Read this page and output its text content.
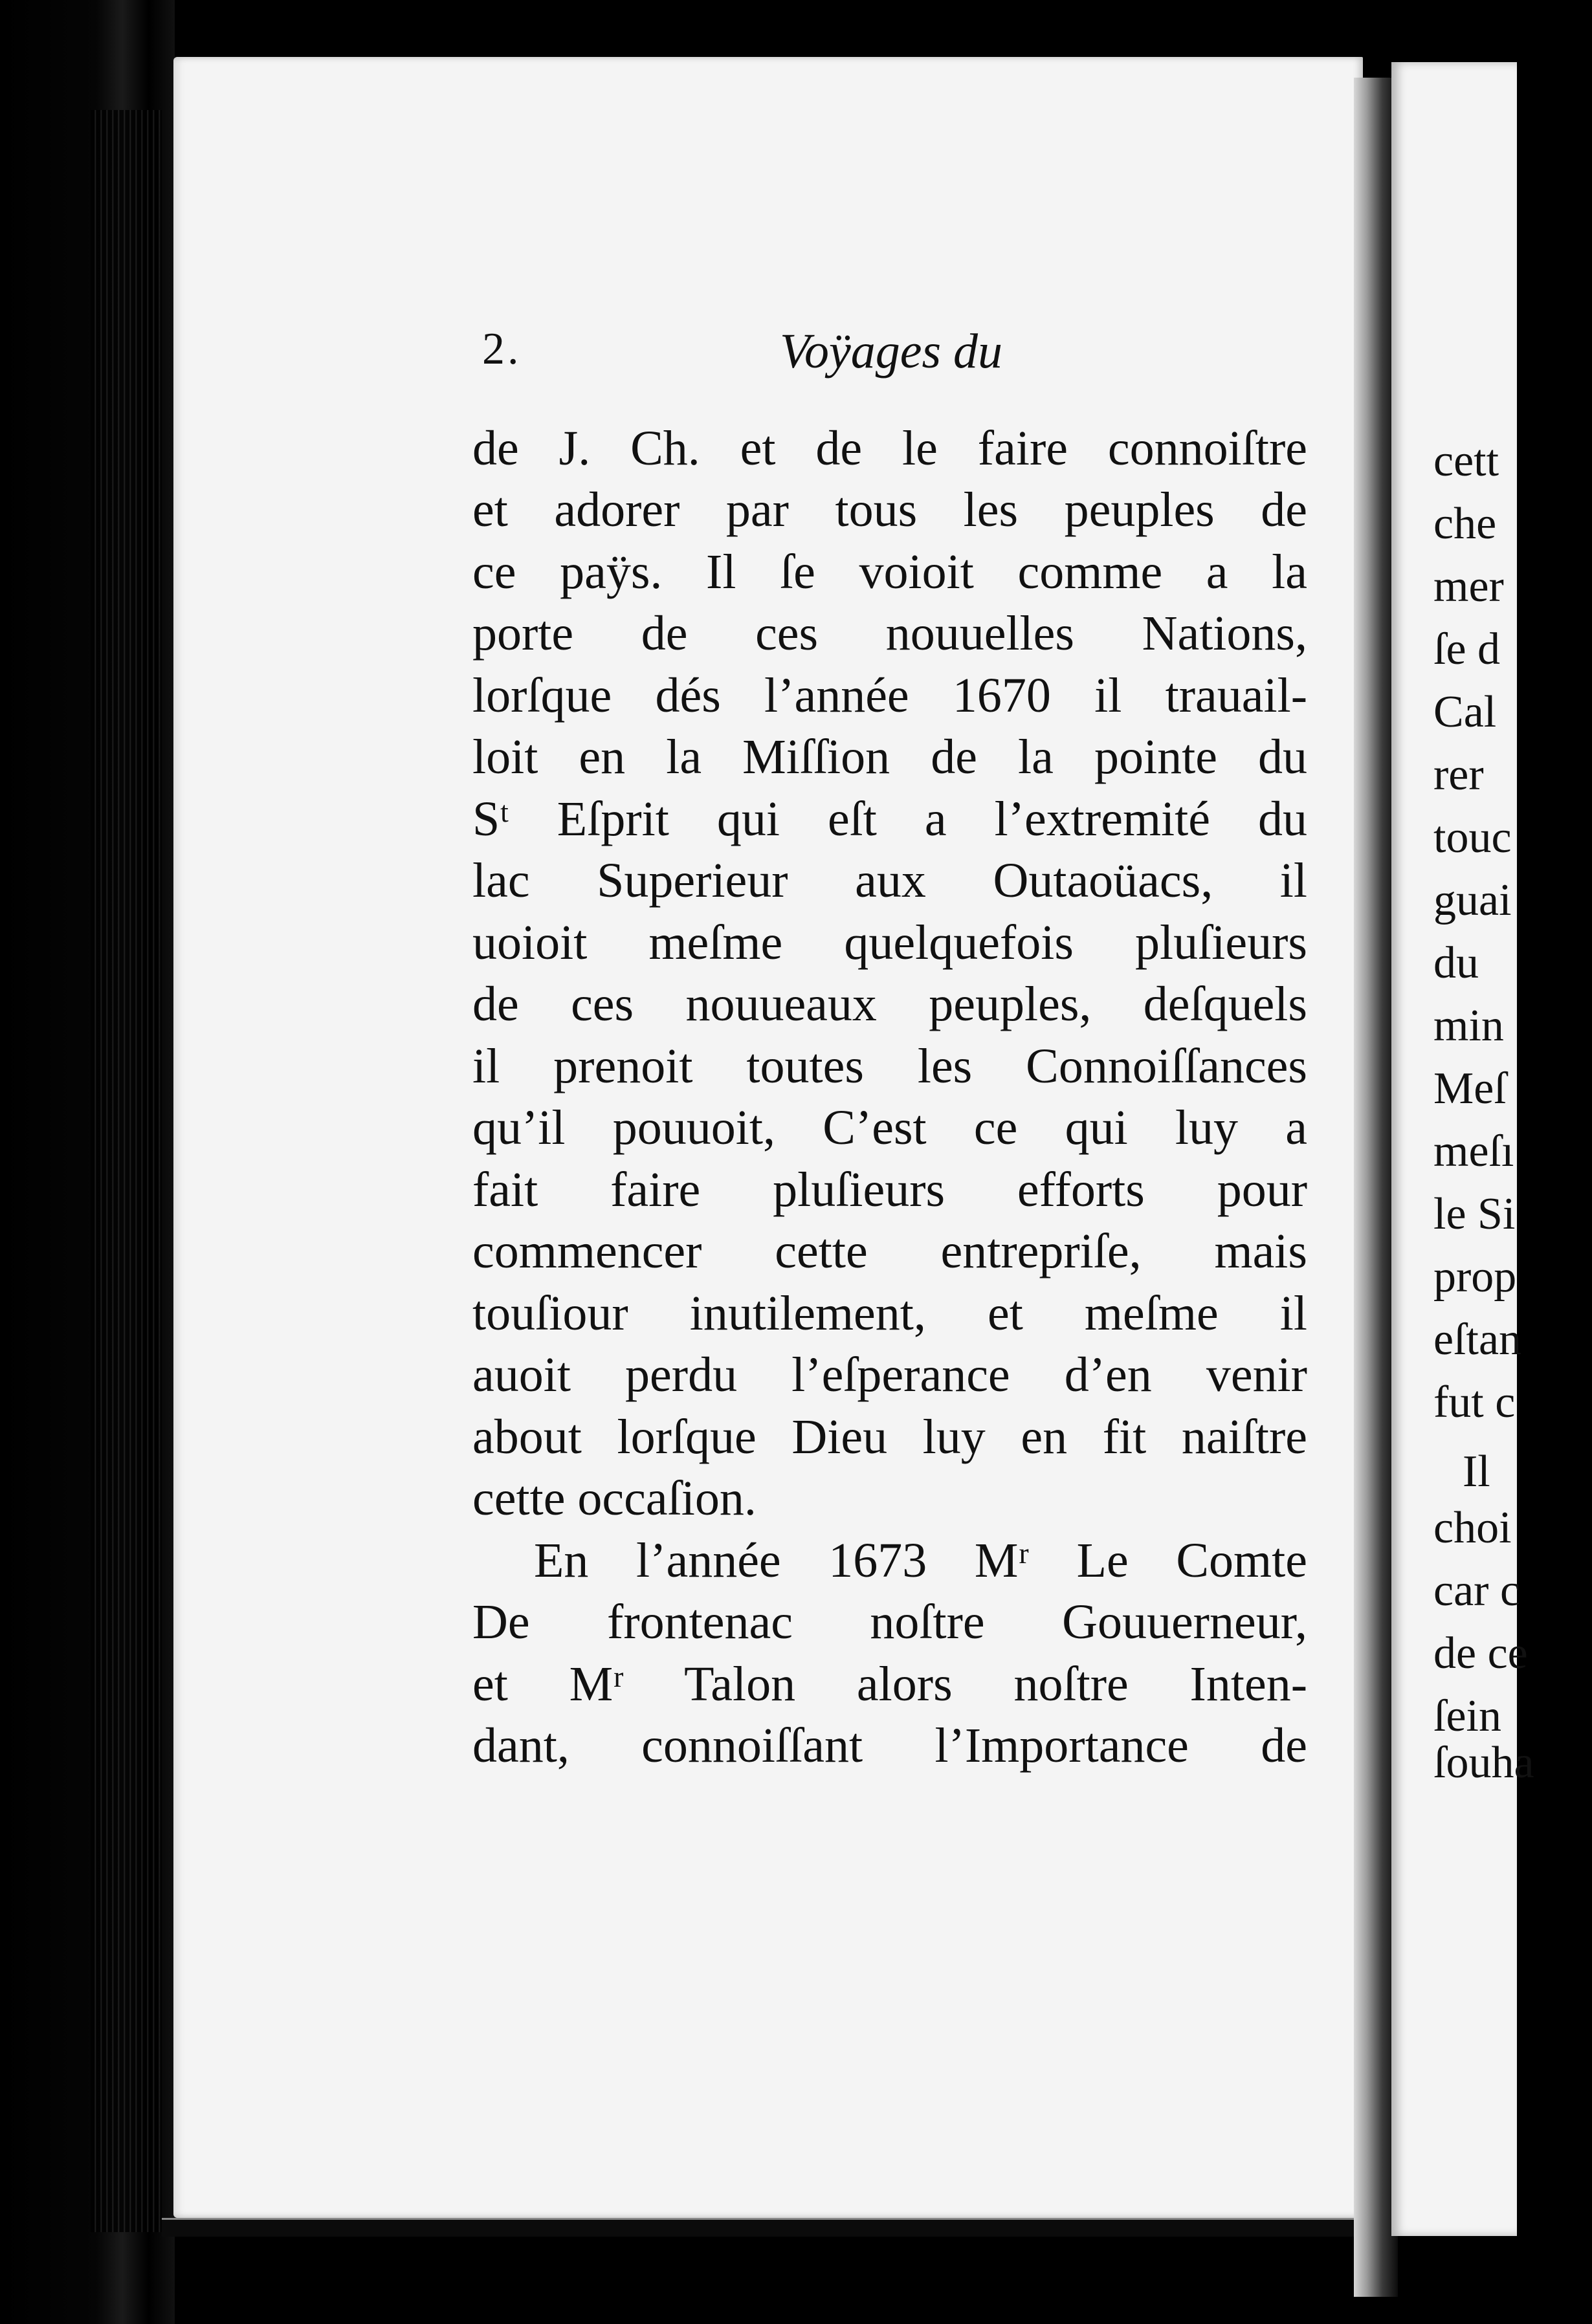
2.	Voÿages du
de J. Ch. et de le faire connoiſtre
et adorer par tous les peuples de
ce paÿs. Il ſe voioit comme a la
porte de ces nouuelles Nations,
lorſque dés l’année 1670 il trauail-
loit en la Miſſion de la pointe du
Sᵗ Eſprit qui eſt a l’extremité du
lac Superieur aux Outaoüacs, il
uoioit meſme quelquefois pluſieurs
de ces nouueaux peuples, deſquels
il prenoit toutes les Connoiſſances
qu’il pouuoit, C’est ce qui luy a
fait faire pluſieurs efforts pour
commencer cette entrepriſe, mais
touſiour inutilement, et meſme il
auoit perdu l’eſperance d’en venir
about lorſque Dieu luy en fit naiſtre
cette occaſion.
En l’année 1673 Mʳ Le Comte
De frontenac noſtre Gouuerneur,
et Mʳ Talon alors noſtre Inten-
dant, connoiſſant l’Importance de
cett
che
mer
ſe d
Cal
rer
touc
guai
du
min
Meſ
meſı
le Si
prop
eſtan
fut c
Il
choi
car c
de ce
ſein
ſouha
